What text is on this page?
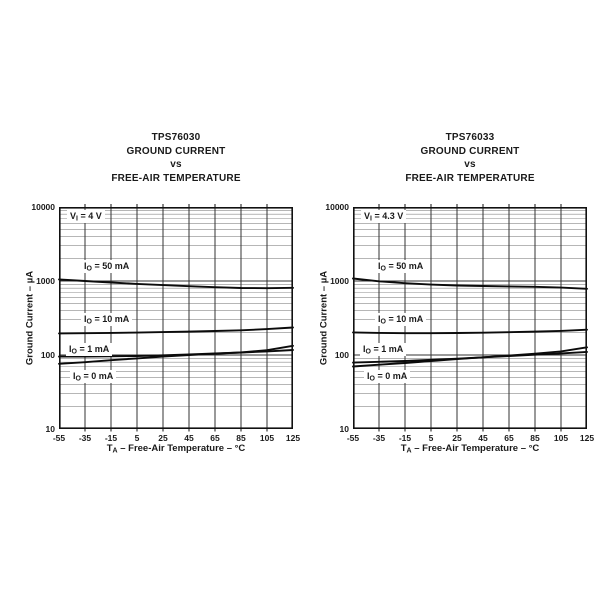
TPS76030
GROUND CURRENT
vs
FREE-AIR TEMPERATURE
$V_I = 4$ V
$I_O = 50$ mA
$I_O = 10$ mA
$I_O = 1$ mA
$I_O = 0$ mA
-55	-35	-15	5	25	45	65	85	105	125
10
100
1000
10000
$T_A$ – Free-Air Temperature – °C
Ground Current – µA
TPS76033
GROUND CURRENT
vs
FREE-AIR TEMPERATURE
$V_I = 4.3$ V
$I_O = 50$ mA
$I_O = 10$ mA
$I_O = 1$ mA
$I_O = 0$ mA
-55	-35	-15	5	25	45	65	85	105	125
10
100
1000
10000
$T_A$ – Free-Air Temperature – °C
Ground Current – µA
